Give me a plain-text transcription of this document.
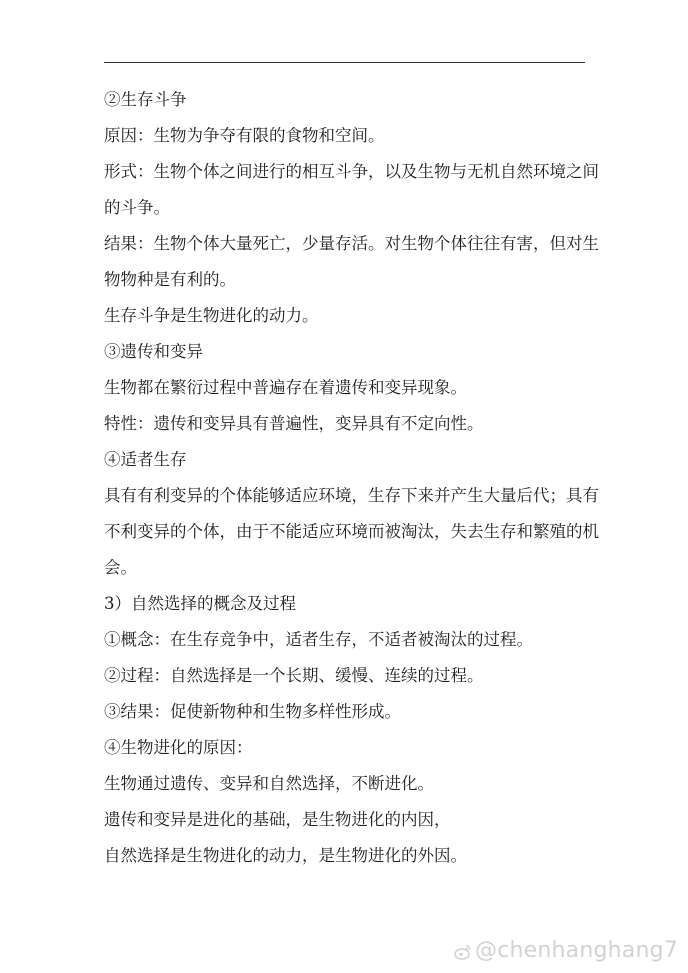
②生存斗争

原因：生物为争夺有限的食物和空间。

形式：生物个体之间进行的相互斗争，以及生物与无机自然环境之间

的斗争。

结果：生物个体大量死亡，少量存活。对生物个体往往有害，但对生

物物种是有利的。

生存斗争是生物进化的动力。

③遗传和变异

生物都在繁衍过程中普遍存在着遗传和变异现象。

特性：遗传和变异具有普遍性，变异具有不定向性。

④适者生存

具有有利变异的个体能够适应环境，生存下来并产生大量后代；具有

不利变异的个体，由于不能适应环境而被淘汰，失去生存和繁殖的机

会。

3）自然选择的概念及过程

①概念：在生存竞争中，适者生存，不适者被淘汰的过程。

②过程：自然选择是一个长期、缓慢、连续的过程。

③结果：促使新物种和生物多样性形成。

④生物进化的原因：

生物通过遗传、变异和自然选择，不断进化。

遗传和变异是进化的基础，是生物进化的内因，

自然选择是生物进化的动力，是生物进化的外因。

@chenhanghang7
